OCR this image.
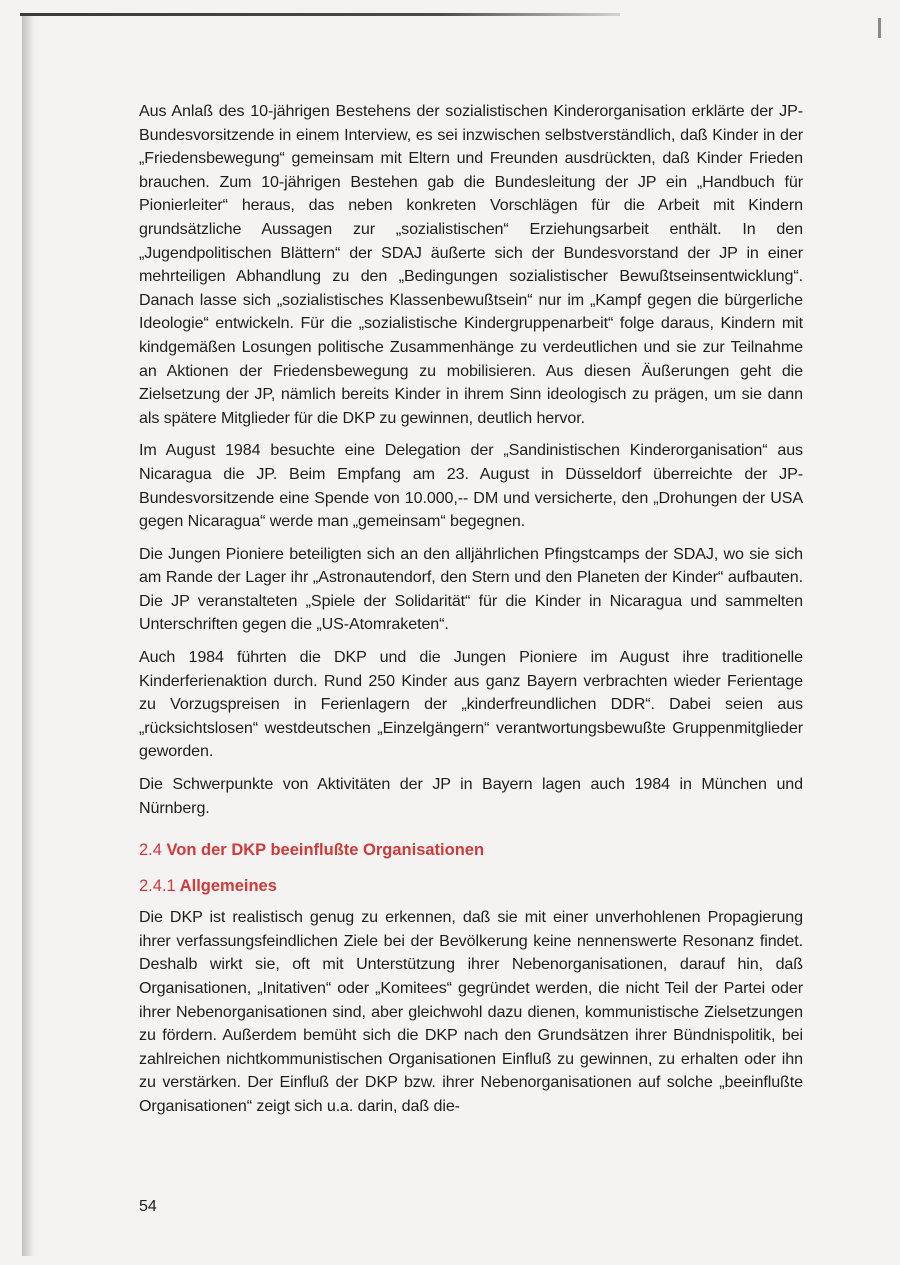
Aus Anlaß des 10-jährigen Bestehens der sozialistischen Kinderorganisation erklärte der JP-Bundesvorsitzende in einem Interview, es sei inzwischen selbstverständlich, daß Kinder in der „Friedensbewegung“ gemeinsam mit Eltern und Freunden ausdrückten, daß Kinder Frieden brauchen. Zum 10-jährigen Bestehen gab die Bundesleitung der JP ein „Handbuch für Pionierleiter“ heraus, das neben konkreten Vorschlägen für die Arbeit mit Kindern grundsätzliche Aussagen zur „sozialistischen“ Erziehungsarbeit enthält. In den „Jugendpolitischen Blättern“ der SDAJ äußerte sich der Bundesvorstand der JP in einer mehrteiligen Abhandlung zu den „Bedingungen sozialistischer Bewußtseinsentwicklung“. Danach lasse sich „sozialistisches Klassenbewußtsein“ nur im „Kampf gegen die bürgerliche Ideologie“ entwickeln. Für die „sozialistische Kindergruppenarbeit“ folge daraus, Kindern mit kindgemäßen Losungen politische Zusammenhänge zu verdeutlichen und sie zur Teilnahme an Aktionen der Friedensbewegung zu mobilisieren. Aus diesen Äußerungen geht die Zielsetzung der JP, nämlich bereits Kinder in ihrem Sinn ideologisch zu prägen, um sie dann als spätere Mitglieder für die DKP zu gewinnen, deutlich hervor.

Im August 1984 besuchte eine Delegation der „Sandinistischen Kinderorganisation“ aus Nicaragua die JP. Beim Empfang am 23. August in Düsseldorf überreichte der JP-Bundesvorsitzende eine Spende von 10.000,-- DM und versicherte, den „Drohungen der USA gegen Nicaragua“ werde man „gemeinsam“ begegnen.

Die Jungen Pioniere beteiligten sich an den alljährlichen Pfingstcamps der SDAJ, wo sie sich am Rande der Lager ihr „Astronautendorf, den Stern und den Planeten der Kinder“ aufbauten. Die JP veranstalteten „Spiele der Solidarität“ für die Kinder in Nicaragua und sammelten Unterschriften gegen die „US-Atomraketen“.

Auch 1984 führten die DKP und die Jungen Pioniere im August ihre traditionelle Kinderferienaktion durch. Rund 250 Kinder aus ganz Bayern verbrachten wieder Ferientage zu Vorzugspreisen in Ferienlagern der „kinderfreundlichen DDR“. Dabei seien aus „rücksichtslosen“ westdeutschen „Einzelgängern“ verantwortungsbewußte Gruppenmitglieder geworden.

Die Schwerpunkte von Aktivitäten der JP in Bayern lagen auch 1984 in München und Nürnberg.

2.4 Von der DKP beeinflußte Organisationen
2.4.1 Allgemeines

Die DKP ist realistisch genug zu erkennen, daß sie mit einer unverhohlenen Propagierung ihrer verfassungsfeindlichen Ziele bei der Bevölkerung keine nennenswerte Resonanz findet. Deshalb wirkt sie, oft mit Unterstützung ihrer Nebenorganisationen, darauf hin, daß Organisationen, „Initativen“ oder „Komitees“ gegründet werden, die nicht Teil der Partei oder ihrer Nebenorganisationen sind, aber gleichwohl dazu dienen, kommunistische Zielsetzungen zu fördern. Außerdem bemüht sich die DKP nach den Grundsätzen ihrer Bündnispolitik, bei zahlreichen nichtkommunistischen Organisationen Einfluß zu gewinnen, zu erhalten oder ihn zu verstärken. Der Einfluß der DKP bzw. ihrer Nebenorganisationen auf solche „beeinflußte Organisationen“ zeigt sich u.a. darin, daß die-

54
